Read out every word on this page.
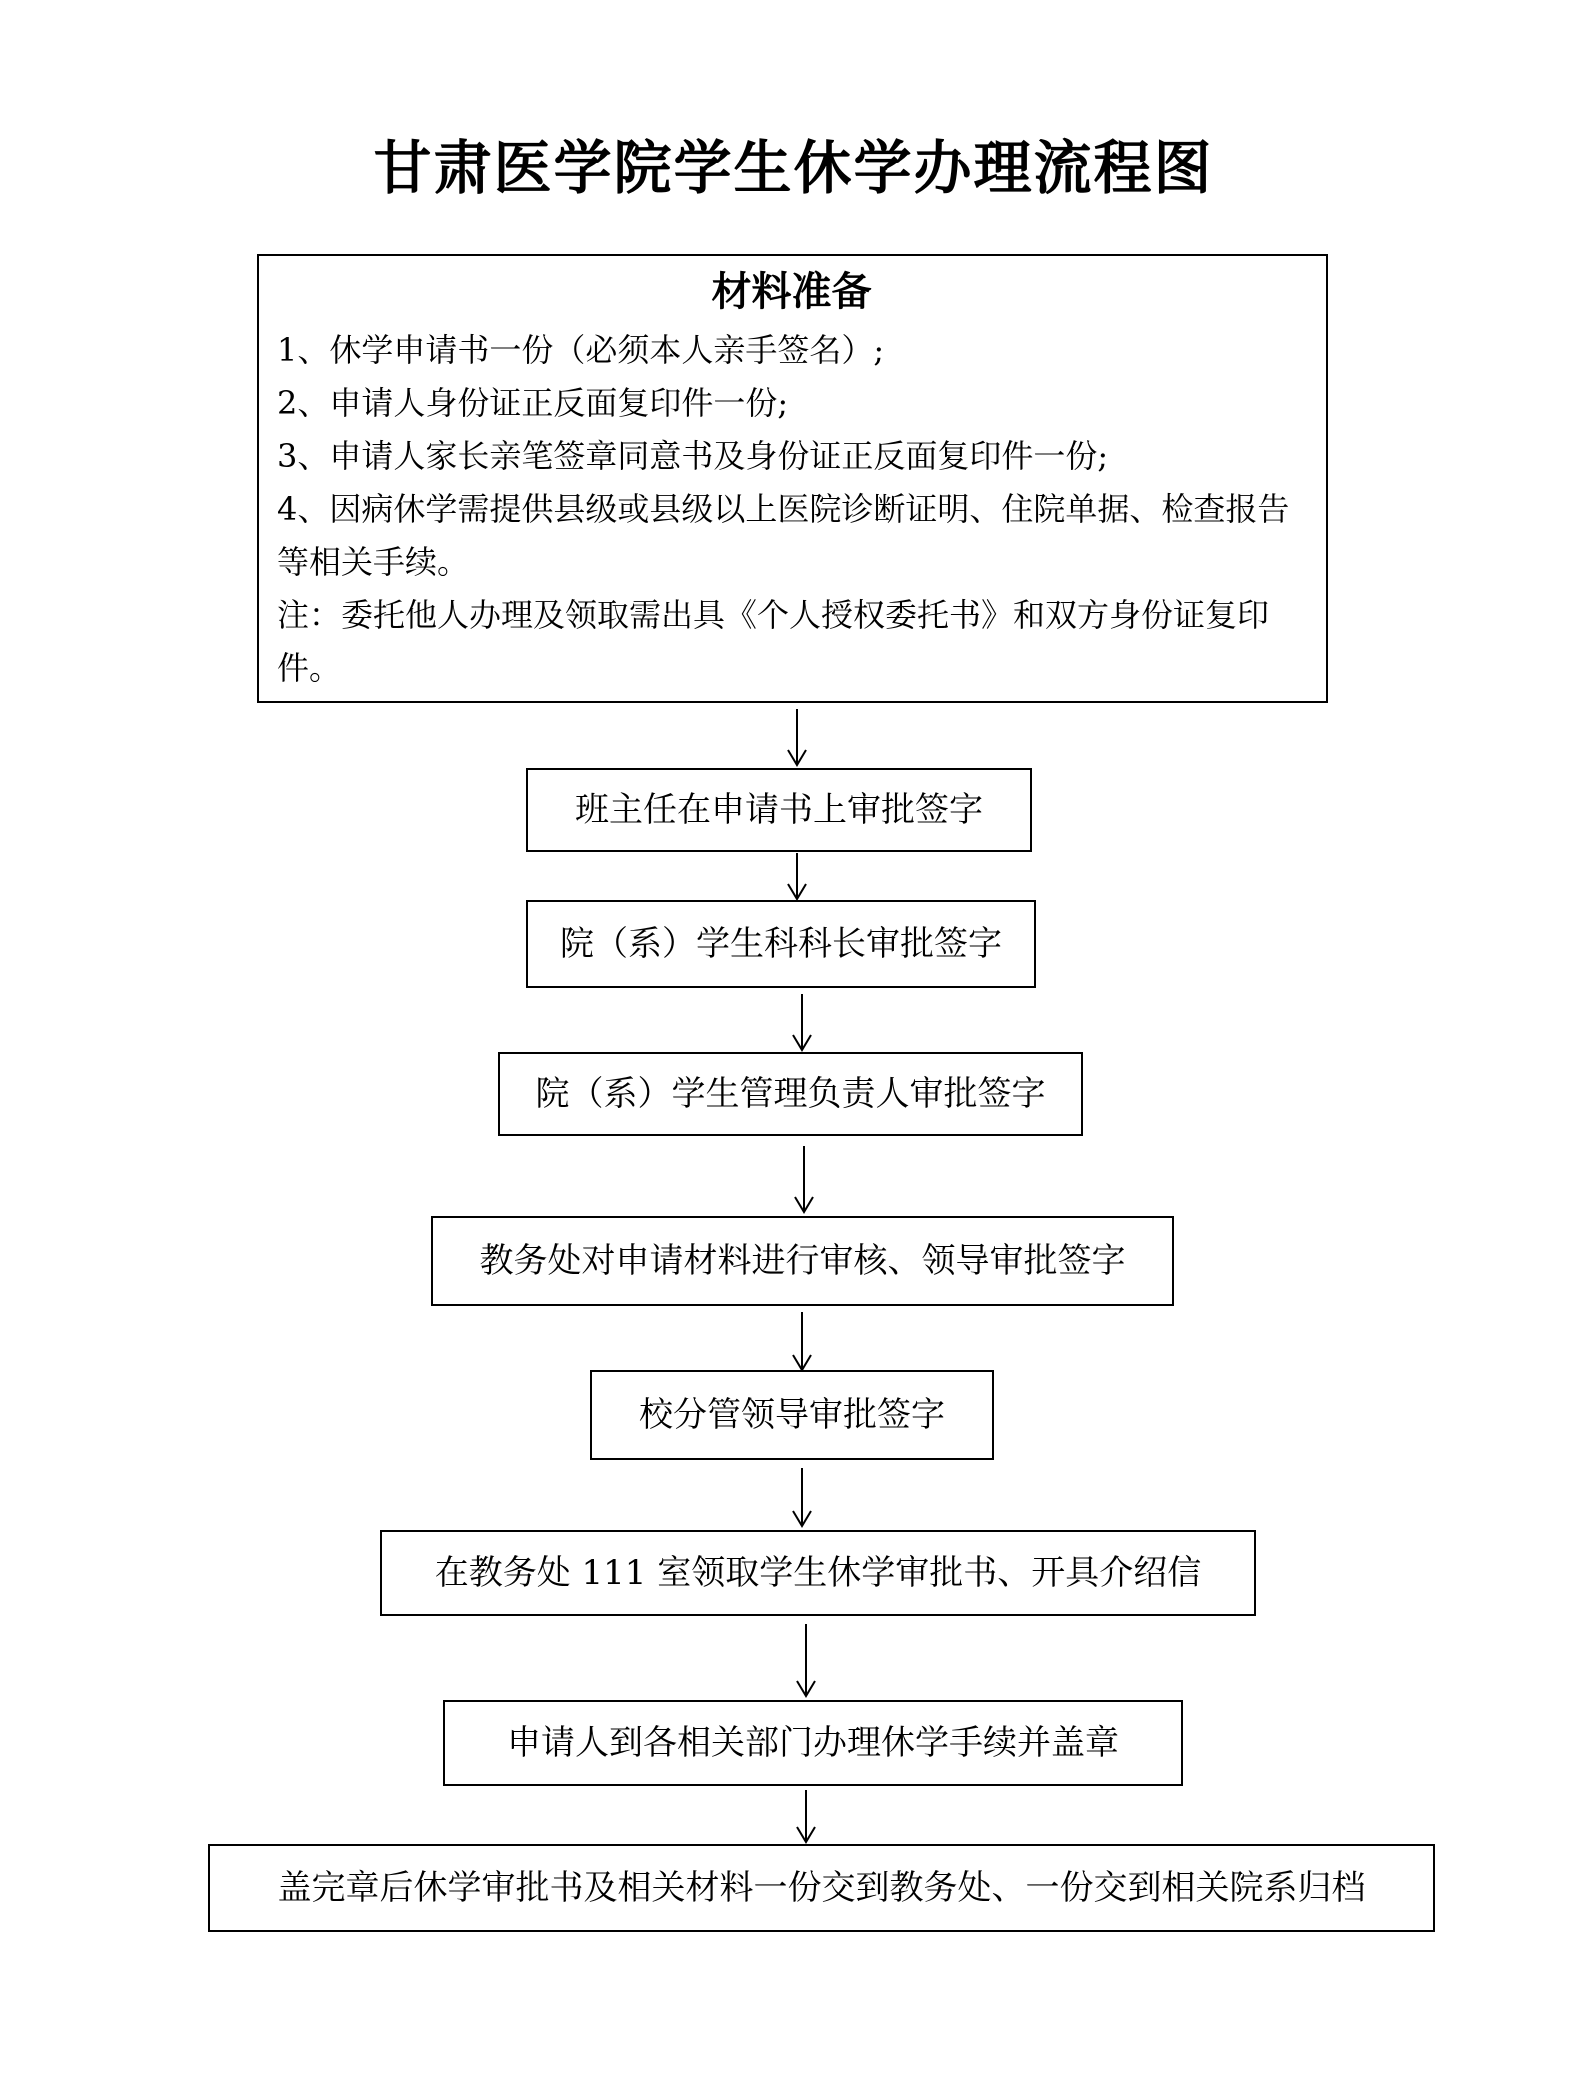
甘肃医学院学生休学办理流程图
材料准备
1、休学申请书一份（必须本人亲手签名）;
2、申请人身份证正反面复印件一份;
3、申请人家长亲笔签章同意书及身份证正反面复印件一份;
4、因病休学需提供县级或县级以上医院诊断证明、住院单据、检查报告等相关手续。
注：委托他人办理及领取需出具《个人授权委托书》和双方身份证复印件。
班主任在申请书上审批签字
院（系）学生科科长审批签字
院（系）学生管理负责人审批签字
教务处对申请材料进行审核、领导审批签字
校分管领导审批签字
在教务处 111 室领取学生休学审批书、开具介绍信
申请人到各相关部门办理休学手续并盖章
盖完章后休学审批书及相关材料一份交到教务处、一份交到相关院系归档
